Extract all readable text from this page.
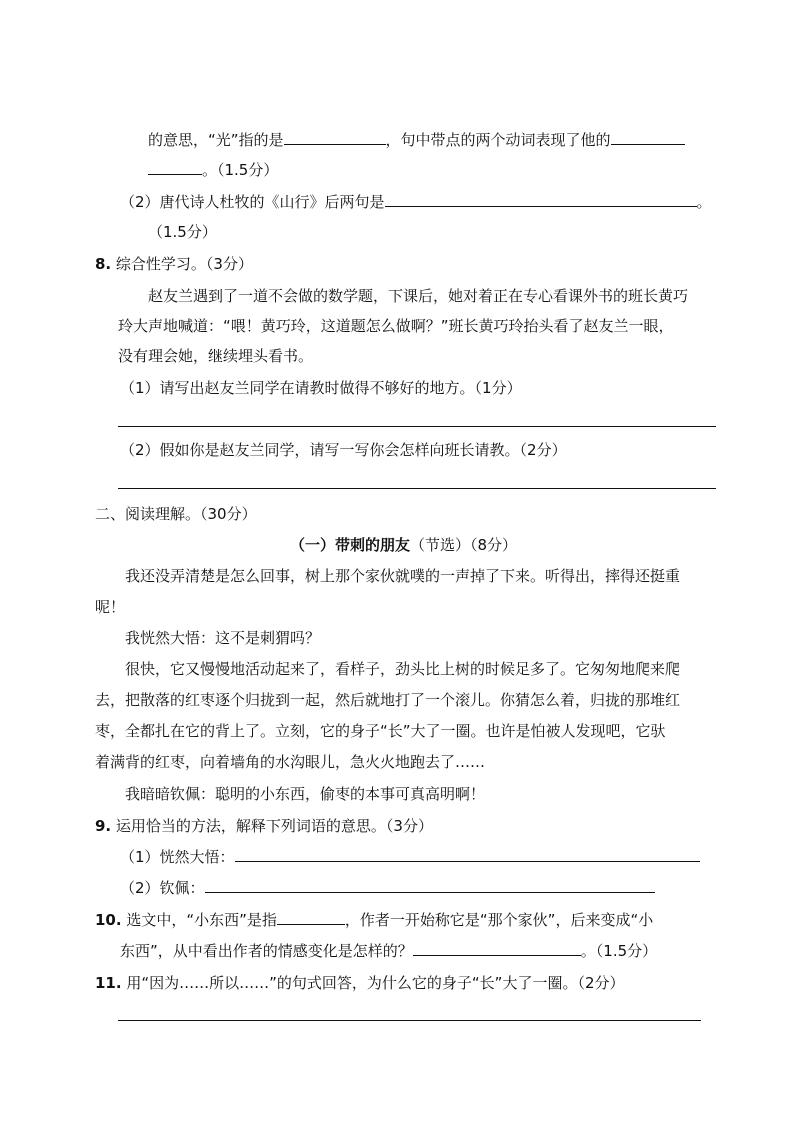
的意思，“光”指的是	，句中带点的两个动词表现了他的
。（1.5分）
（2）唐代诗人杜牧的《山行》后两句是	。
（1.5分）
8. 综合性学习。（3分）
赵友兰遇到了一道不会做的数学题，下课后，她对着正在专心看课外书的班长黄巧
玲大声地喊道：“喂！黄巧玲，这道题怎么做啊？”班长黄巧玲抬头看了赵友兰一眼，
没有理会她，继续埋头看书。
（1）请写出赵友兰同学在请教时做得不够好的地方。（1分）
（2）假如你是赵友兰同学，请写一写你会怎样向班长请教。（2分）
二、阅读理解。（30分）
（一）带刺的朋友（节选）（8分）
我还没弄清楚是怎么回事，树上那个家伙就噗的一声掉了下来。听得出，摔得还挺重
呢！
我恍然大悟：这不是刺猬吗？
很快，它又慢慢地活动起来了，看样子，劲头比上树的时候足多了。它匆匆地爬来爬
去，把散落的红枣逐个归拢到一起，然后就地打了一个滚儿。你猜怎么着，归拢的那堆红
枣，全都扎在它的背上了。立刻，它的身子“长”大了一圈。也许是怕被人发现吧，它驮
着满背的红枣，向着墙角的水沟眼儿，急火火地跑去了……
我暗暗钦佩：聪明的小东西，偷枣的本事可真高明啊！
9. 运用恰当的方法，解释下列词语的意思。（3分）
（1）恍然大悟：
（2）钦佩：
10. 选文中，“小东西”是指	，作者一开始称它是“那个家伙”，后来变成“小
东西”，从中看出作者的情感变化是怎样的？	。（1.5分）
11. 用“因为……所以……”的句式回答，为什么它的身子“长”大了一圈。（2分）
